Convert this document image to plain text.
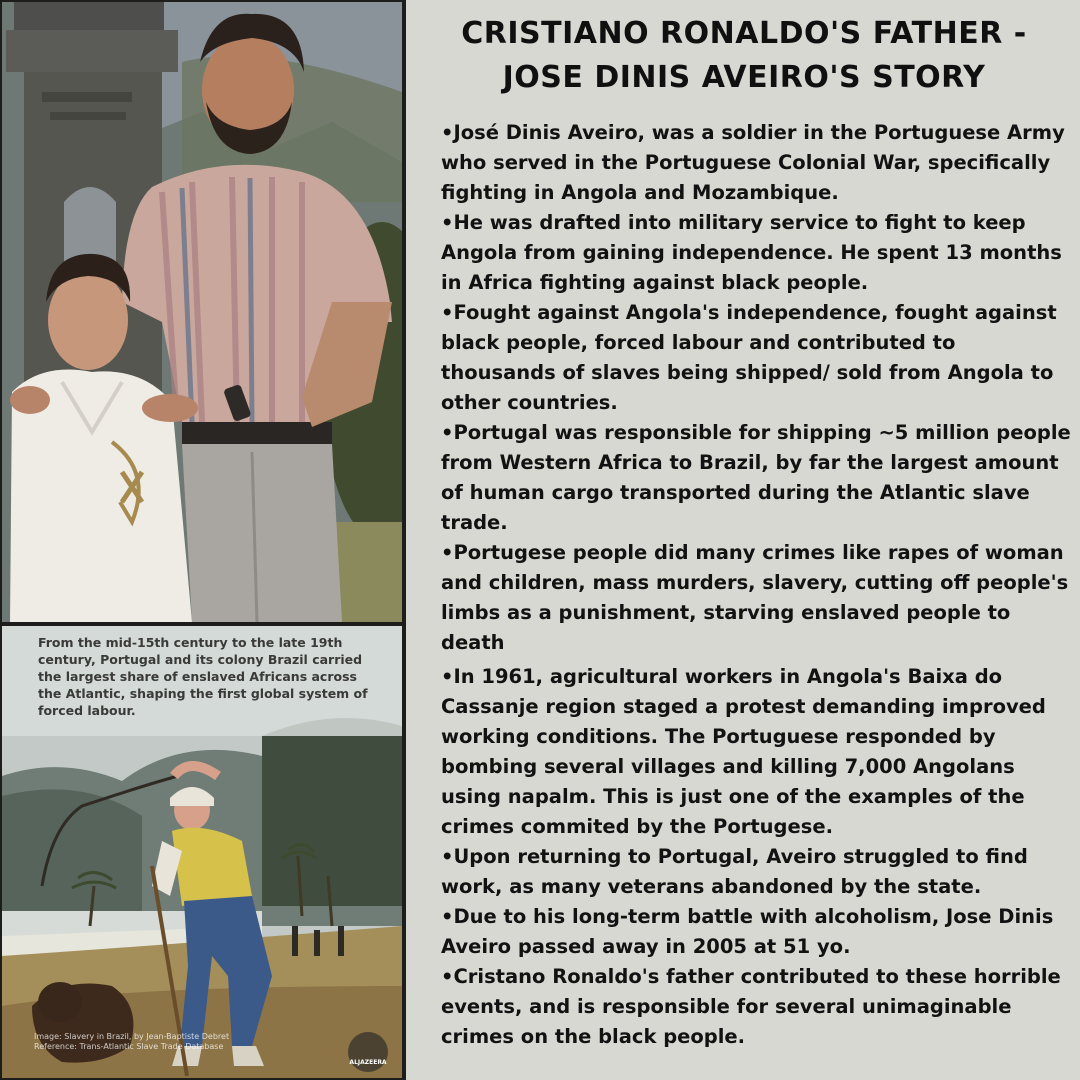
From the mid-15th century to the late 19th century, Portugal and its colony Brazil carried the largest share of enslaved Africans across the Atlantic, shaping the first global system of forced labour.
Image: Slavery in Brazil, by Jean-Baptiste Debret
Reference: Trans-Atlantic Slave Trade Database
ALJAZEERA
CRISTIANO RONALDO'S FATHER -
JOSE DINIS AVEIRO'S STORY
•José Dinis Aveiro, was a soldier in the Portuguese Army who served in the Portuguese Colonial War, specifically fighting in Angola and Mozambique.
•He was drafted into military service to fight to keep Angola from gaining independence. He spent 13 months in Africa fighting against black people.
•Fought against Angola's independence, fought against black people, forced labour and contributed to thousands of slaves being shipped/ sold from Angola to other countries.
•Portugal was responsible for shipping ~5 million people from Western Africa to Brazil, by far the largest amount of human cargo transported during the Atlantic slave trade.
•Portugese people did many crimes like rapes of woman and children, mass murders, slavery, cutting off people's limbs as a punishment, starving enslaved people to death
•In 1961, agricultural workers in Angola's Baixa do Cassanje region staged a protest demanding improved working conditions. The Portuguese responded by bombing several villages and killing 7,000 Angolans using napalm. This is just one of the examples of the crimes commited by the Portugese.
•Upon returning to Portugal, Aveiro struggled to find work, as many veterans abandoned by the state.
•Due to his long-term battle with alcoholism, Jose Dinis Aveiro passed away in 2005 at 51 yo.
•Cristano Ronaldo's father contributed to these horrible events, and is responsible for several unimaginable crimes on the black people.
